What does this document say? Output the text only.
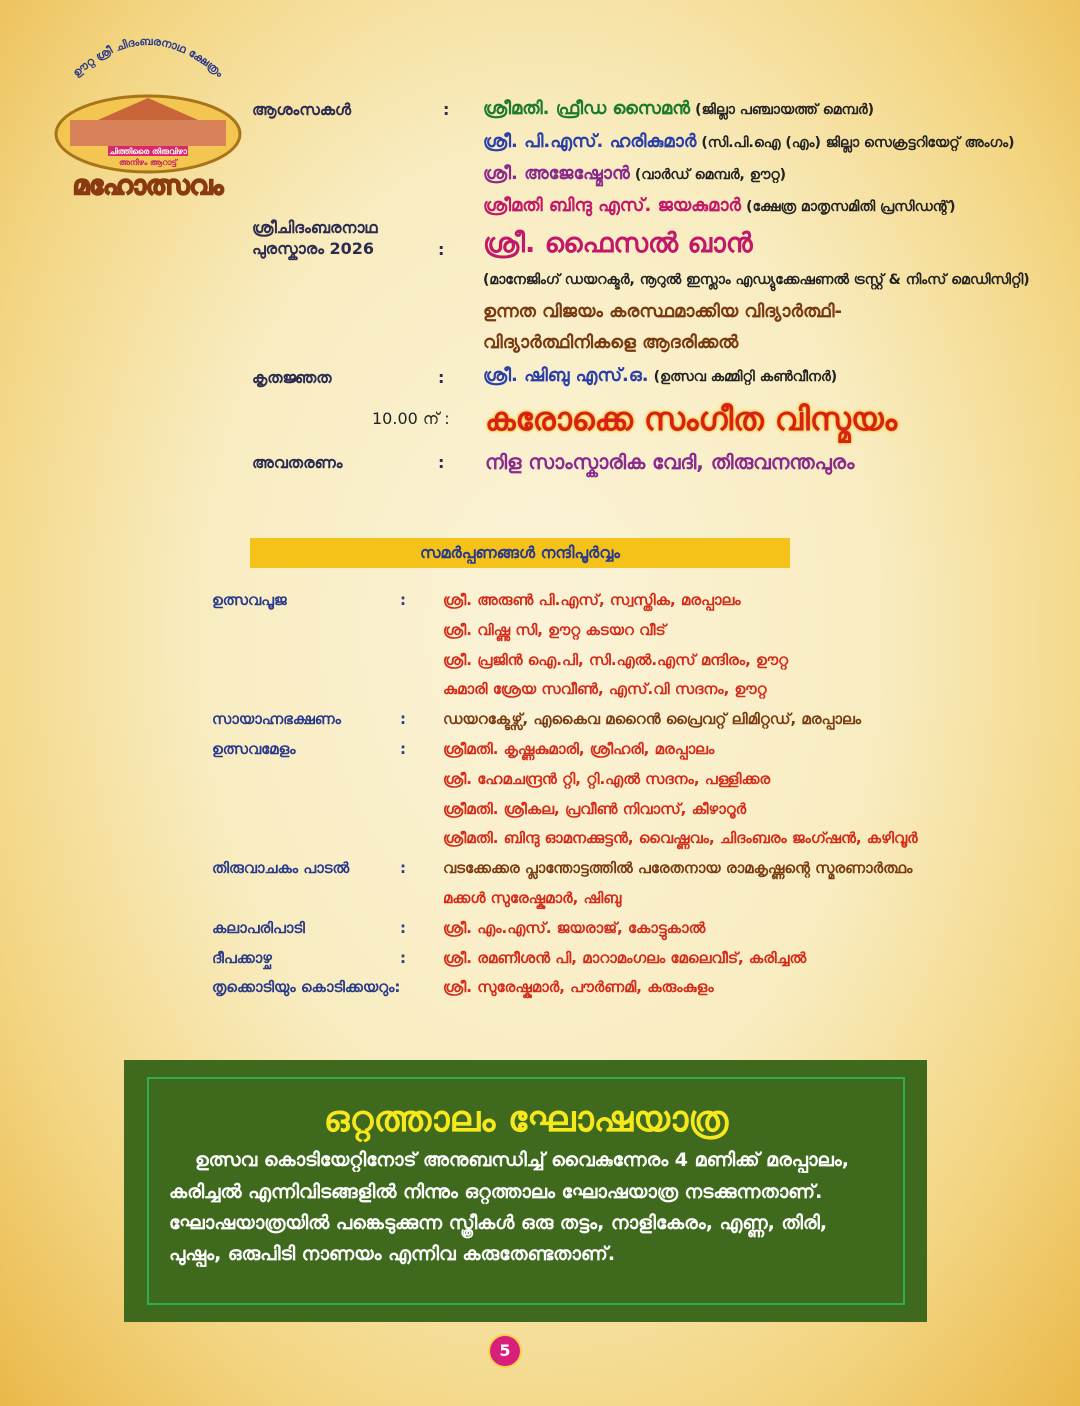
ഊറ്റ ശ്രീ ചിദംബരനാഥ ക്ഷേത്രം
ചിത്തിരൈ തിരുവിഴാ
അനിഴം ആറാട്ട്
മഹോത്സവം
ആശംസകൾ	: ശ്രീമതി. ഫ്രീഡ സൈമൻ (ജില്ലാ പഞ്ചായത്ത് മെമ്പർ)
ശ്രീ. പി.എസ്. ഹരികുമാർ (സി.പി.ഐ (എം) ജില്ലാ സെക്രട്ടറിയേറ്റ് അംഗം)
ശ്രീ. അജേഷ്മോൻ (വാർഡ് മെമ്പർ, ഊറ്റ)
ശ്രീമതി ബിന്ദു എസ്. ജയകുമാർ (ക്ഷേത്ര മാതൃസമിതി പ്രസിഡന്റ്)
ശ്രീചിദംബരനാഥ
പുരസ്കാരം 2026	: ശ്രീ. ഫൈസൽ ഖാൻ
(മാനേജിംഗ് ഡയറക്ടർ, നൂറുൽ ഇസ്ലാം എഡ്യുക്കേഷണൽ ട്രസ്റ്റ് & നിംസ് മെഡിസിറ്റി)
ഉന്നത വിജയം കരസ്ഥമാക്കിയ വിദ്യാർത്ഥി-
വിദ്യാർത്ഥിനികളെ ആദരിക്കൽ
കൃതജ്ഞത	: ശ്രീ. ഷിബു എസ്.ഒ. (ഉത്സവ കമ്മിറ്റി കൺവീനർ)
10.00 ന് : കരോക്കെ സംഗീത വിസ്മയം
അവതരണം	: നിള സാംസ്കാരിക വേദി, തിരുവനന്തപുരം
സമർപ്പണങ്ങൾ നന്ദിപൂർവ്വം
ഉത്സവപൂജ	: ശ്രീ. അരുൺ പി.എസ്, സ്വസ്തിക, മരപ്പാലം
ശ്രീ. വിഷ്ണു സി, ഊറ്റ കടയറ വീട്
ശ്രീ. പ്രജിൻ ഐ.പി, സി.എൽ.എസ് മന്ദിരം, ഊറ്റ
കുമാരി ശ്രേയ സവീൺ, എസ്.വി സദനം, ഊറ്റ
സായാഹ്നഭക്ഷണം	: ഡയറക്ടേഴ്സ്, എകൈവ മറൈൻ പ്രൈവറ്റ് ലിമിറ്റഡ്, മരപ്പാലം
ഉത്സവമേളം	: ശ്രീമതി. കൃഷ്ണകുമാരി, ശ്രീഹരി, മരപ്പാലം
ശ്രീ. ഹേമചന്ദ്രൻ റ്റി, റ്റി.എൽ സദനം, പള്ളിക്കര
ശ്രീമതി. ശ്രീകല, പ്രവീൺ നിവാസ്, കീഴാറൂർ
ശ്രീമതി. ബിന്ദു ഓമനക്കുട്ടൻ, വൈഷ്ണവം, ചിദംബരം ജംഗ്ഷൻ, കഴിവൂർ
തിരുവാചകം പാടൽ	: വടക്കേക്കര പ്ലാന്തോട്ടത്തിൽ പരേതനായ രാമകൃഷ്ണന്റെ സ്മരണാർത്ഥം
മക്കൾ സുരേഷ്കുമാർ, ഷിബു
കലാപരിപാടി	: ശ്രീ. എം.എസ്. ജയരാജ്, കോട്ടുകാൽ
ദീപക്കാഴ്ച	: ശ്രീ. രമണീശൻ പി, മാറാമംഗലം മേലെവീട്, കരിച്ചൽ
തൃക്കൊടിയും കൊടിക്കയറും:	ശ്രീ. സുരേഷ്കുമാർ, പൗർണമി, കരുംകുളം
ഒറ്റത്താലം ഘോഷയാത്ര
ഉത്സവ കൊടിയേറ്റിനോട് അനുബന്ധിച്ച് വൈകുന്നേരം 4 മണിക്ക് മരപ്പാലം,
കരിച്ചൽ എന്നിവിടങ്ങളിൽ നിന്നും ഒറ്റത്താലം ഘോഷയാത്ര നടക്കുന്നതാണ്.
ഘോഷയാത്രയിൽ പങ്കെടുക്കുന്ന സ്ത്രീകൾ ഒരു തട്ടം, നാളികേരം, എണ്ണ, തിരി,
പുഷ്പം, ഒരുപിടി നാണയം എന്നിവ കരുതേണ്ടതാണ്.
5
